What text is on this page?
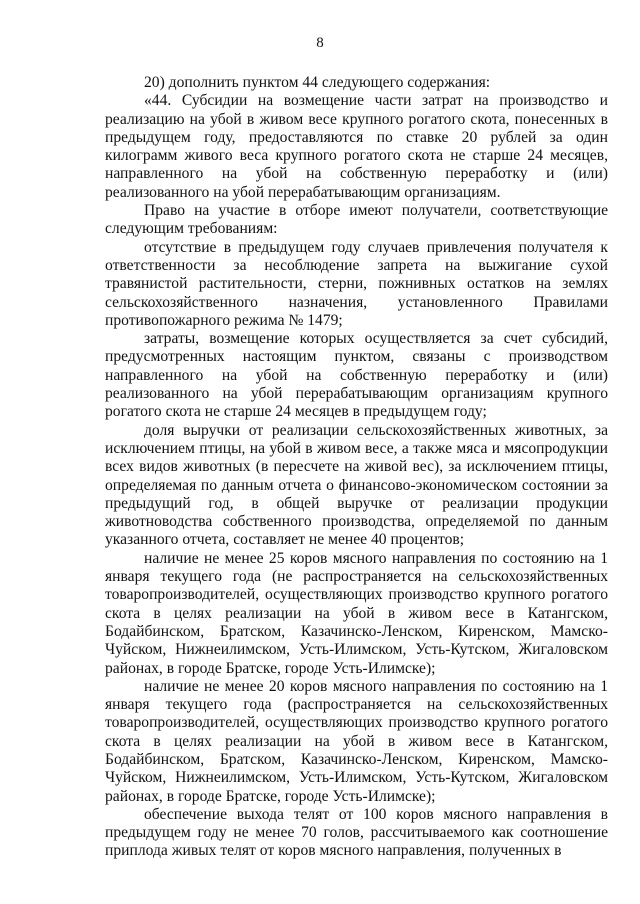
8

20) дополнить пунктом 44 следующего содержания:

«44. Субсидии на возмещение части затрат на производство и реализацию на убой в живом весе крупного рогатого скота, понесенных в предыдущем году, предоставляются по ставке 20 рублей за один килограмм живого веса крупного рогатого скота не старше 24 месяцев, направленного на убой на собственную переработку и (или) реализованного на убой перерабатывающим организациям.

Право на участие в отборе имеют получатели, соответствующие следующим требованиям:

отсутствие в предыдущем году случаев привлечения получателя к ответственности за несоблюдение запрета на выжигание сухой травянистой растительности, стерни, пожнивных остатков на землях сельскохозяйственного назначения, установленного Правилами противопожарного режима № 1479;

затраты, возмещение которых осуществляется за счет субсидий, предусмотренных настоящим пунктом, связаны с производством направленного на убой на собственную переработку и (или) реализованного на убой перерабатывающим организациям крупного рогатого скота не старше 24 месяцев в предыдущем году;

доля выручки от реализации сельскохозяйственных животных, за исключением птицы, на убой в живом весе, а также мяса и мясопродукции всех видов животных (в пересчете на живой вес), за исключением птицы, определяемая по данным отчета о финансово-экономическом состоянии за предыдущий год, в общей выручке от реализации продукции животноводства собственного производства, определяемой по данным указанного отчета, составляет не менее 40 процентов;

наличие не менее 25 коров мясного направления по состоянию на 1 января текущего года (не распространяется на сельскохозяйственных товаропроизводителей, осуществляющих производство крупного рогатого скота в целях реализации на убой в живом весе в Катангском, Бодайбинском, Братском, Казачинско-Ленском, Киренском, Мамско-Чуйском, Нижнеилимском, Усть-Илимском, Усть-Кутском, Жигаловском районах, в городе Братске, городе Усть-Илимске);

наличие не менее 20 коров мясного направления по состоянию на 1 января текущего года (распространяется на сельскохозяйственных товаропроизводителей, осуществляющих производство крупного рогатого скота в целях реализации на убой в живом весе в Катангском, Бодайбинском, Братском, Казачинско-Ленском, Киренском, Мамско-Чуйском, Нижнеилимском, Усть-Илимском, Усть-Кутском, Жигаловском районах, в городе Братске, городе Усть-Илимске);

обеспечение выхода телят от 100 коров мясного направления в предыдущем году не менее 70 голов, рассчитываемого как соотношение приплода живых телят от коров мясного направления, полученных в
